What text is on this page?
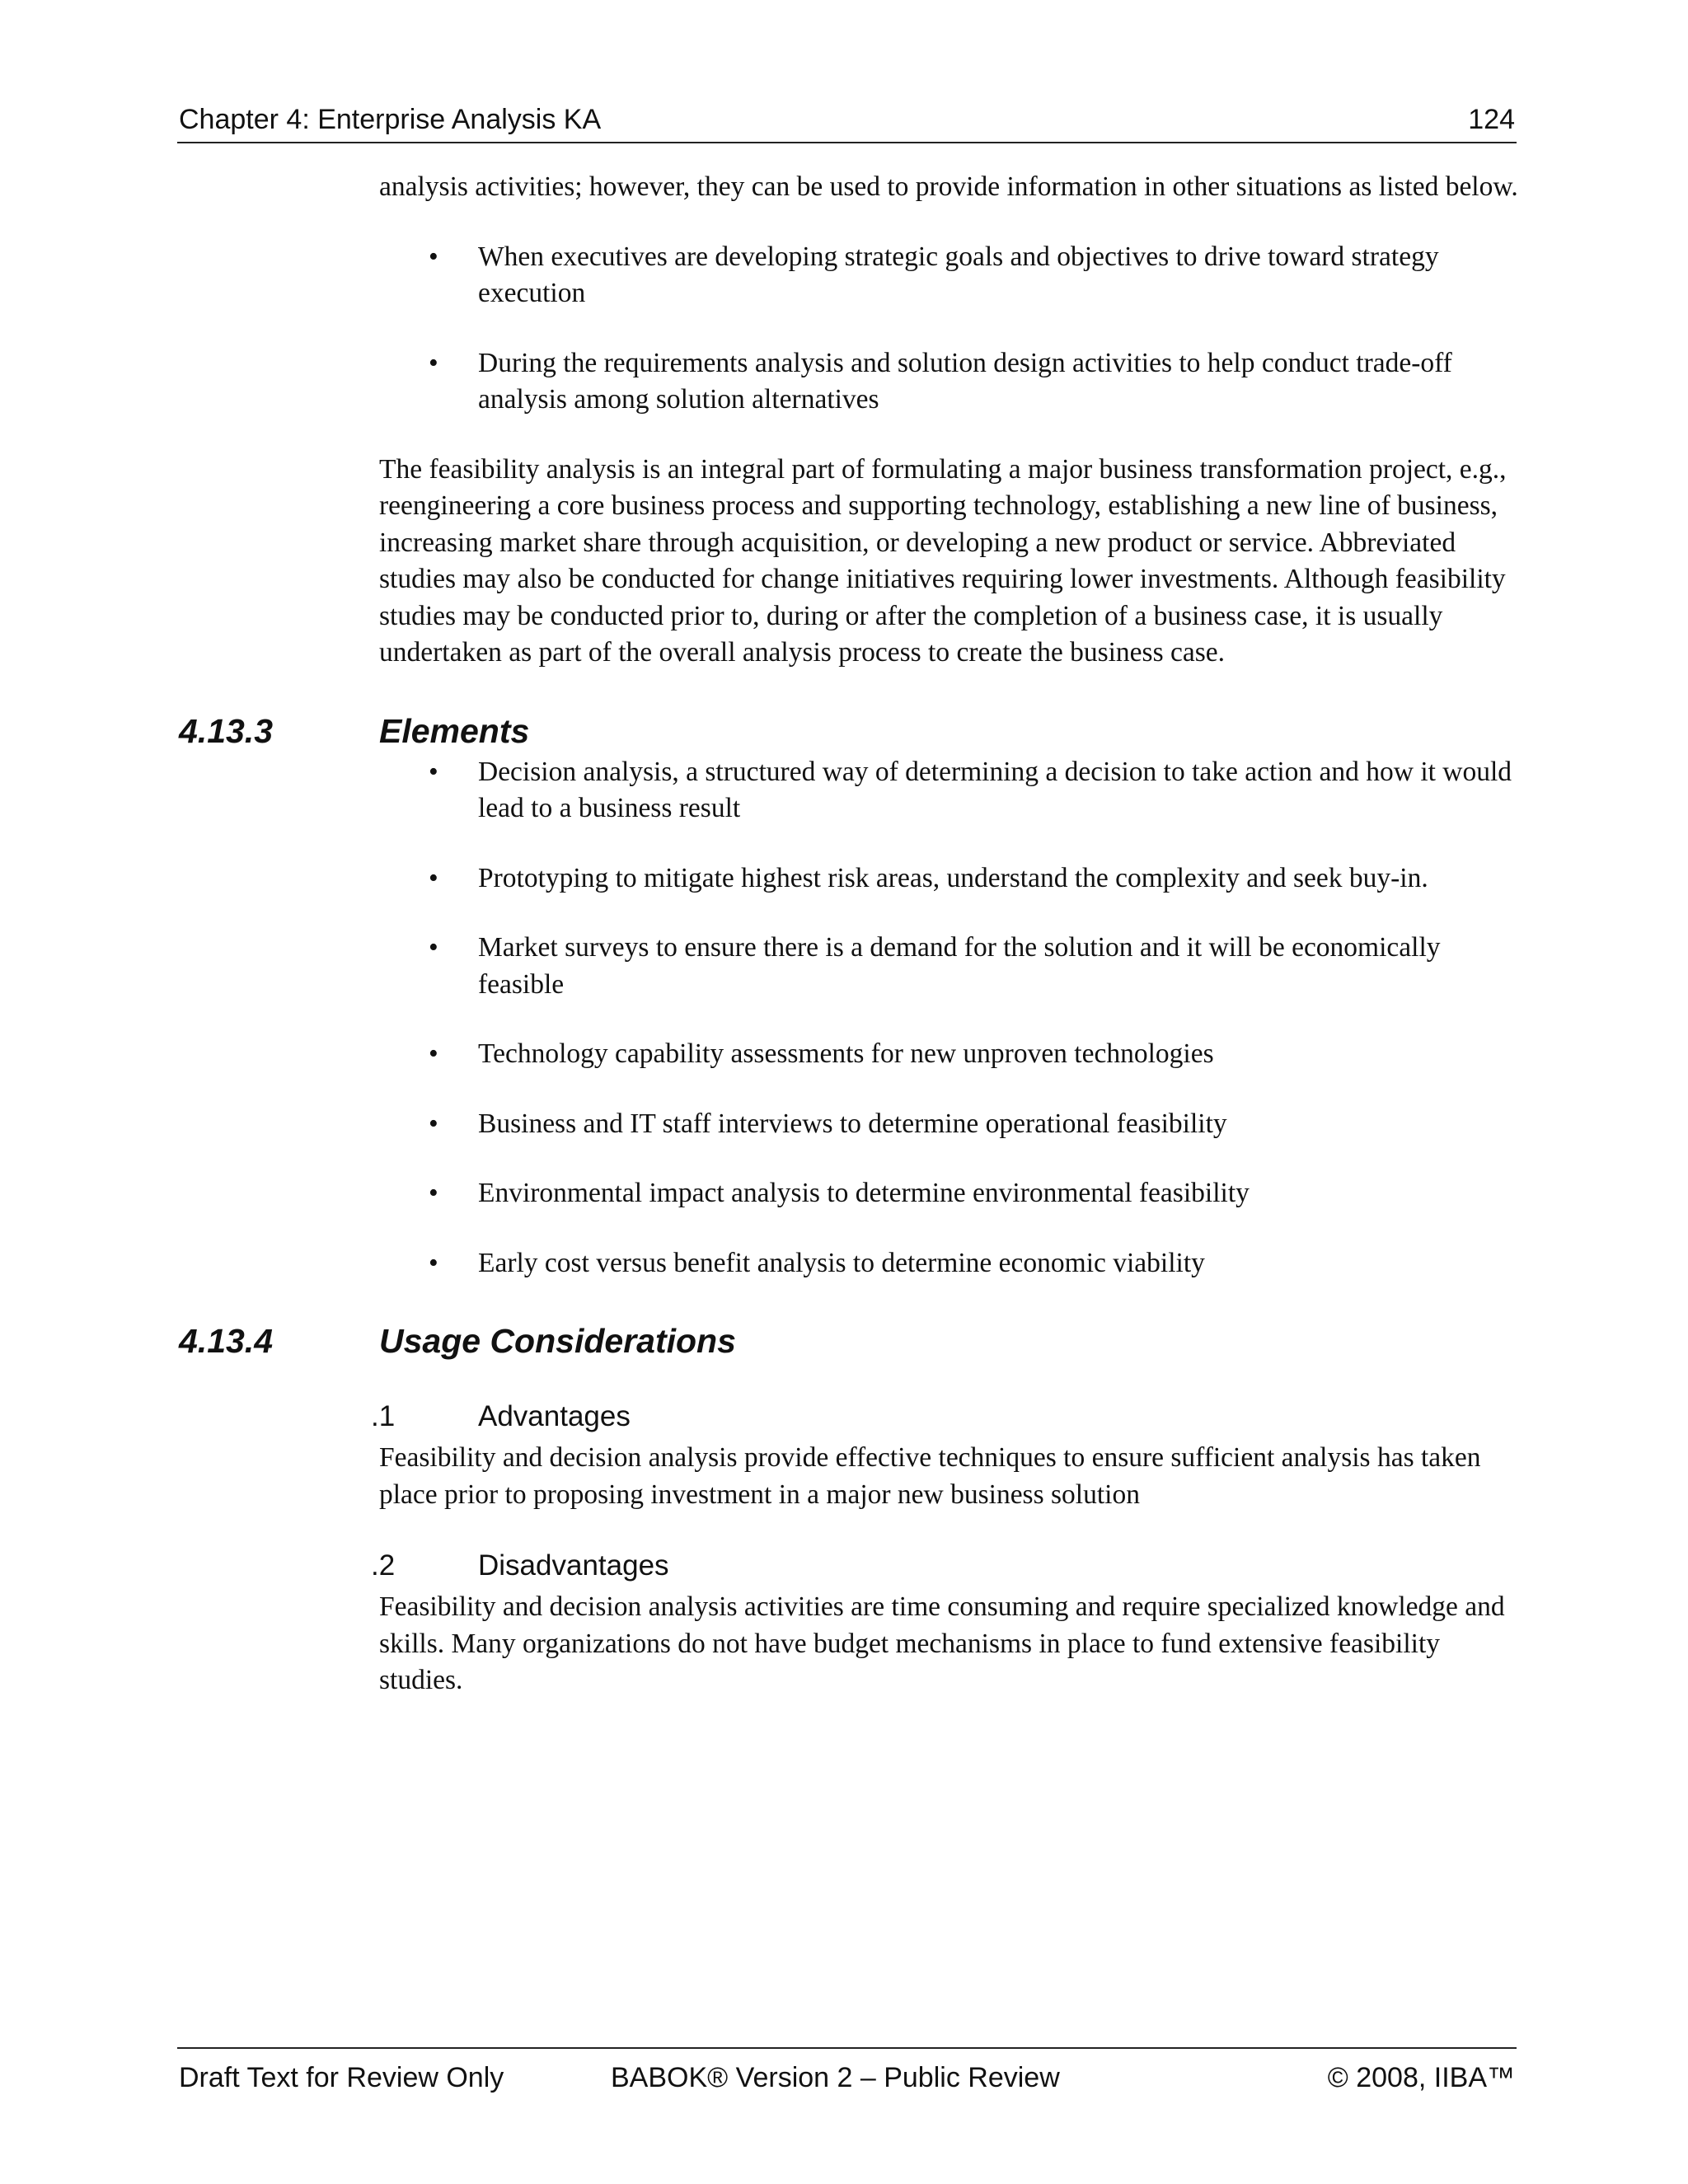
Chapter 4: Enterprise Analysis KA	124

analysis activities; however, they can be used to provide information in other situations as listed below.

• When executives are developing strategic goals and objectives to drive toward strategy execution
• During the requirements analysis and solution design activities to help conduct trade-off analysis among solution alternatives

The feasibility analysis is an integral part of formulating a major business transformation project, e.g., reengineering a core business process and supporting technology, establishing a new line of business, increasing market share through acquisition, or developing a new product or service. Abbreviated studies may also be conducted for change initiatives requiring lower investments. Although feasibility studies may be conducted prior to, during or after the completion of a business case, it is usually undertaken as part of the overall analysis process to create the business case.

4.13.3	Elements
• Decision analysis, a structured way of determining a decision to take action and how it would lead to a business result
• Prototyping to mitigate highest risk areas, understand the complexity and seek buy-in.
• Market surveys to ensure there is a demand for the solution and it will be economically feasible
• Technology capability assessments for new unproven technologies
• Business and IT staff interviews to determine operational feasibility
• Environmental impact analysis to determine environmental feasibility
• Early cost versus benefit analysis to determine economic viability
4.13.4	Usage Considerations
.1	Advantages

Feasibility and decision analysis provide effective techniques to ensure sufficient analysis has taken place prior to proposing investment in a major new business solution

.2	Disadvantages

Feasibility and decision analysis activities are time consuming and require specialized knowledge and skills. Many organizations do not have budget mechanisms in place to fund extensive feasibility studies.

Draft Text for Review Only	BABOK® Version 2 – Public Review	© 2008, IIBA™
